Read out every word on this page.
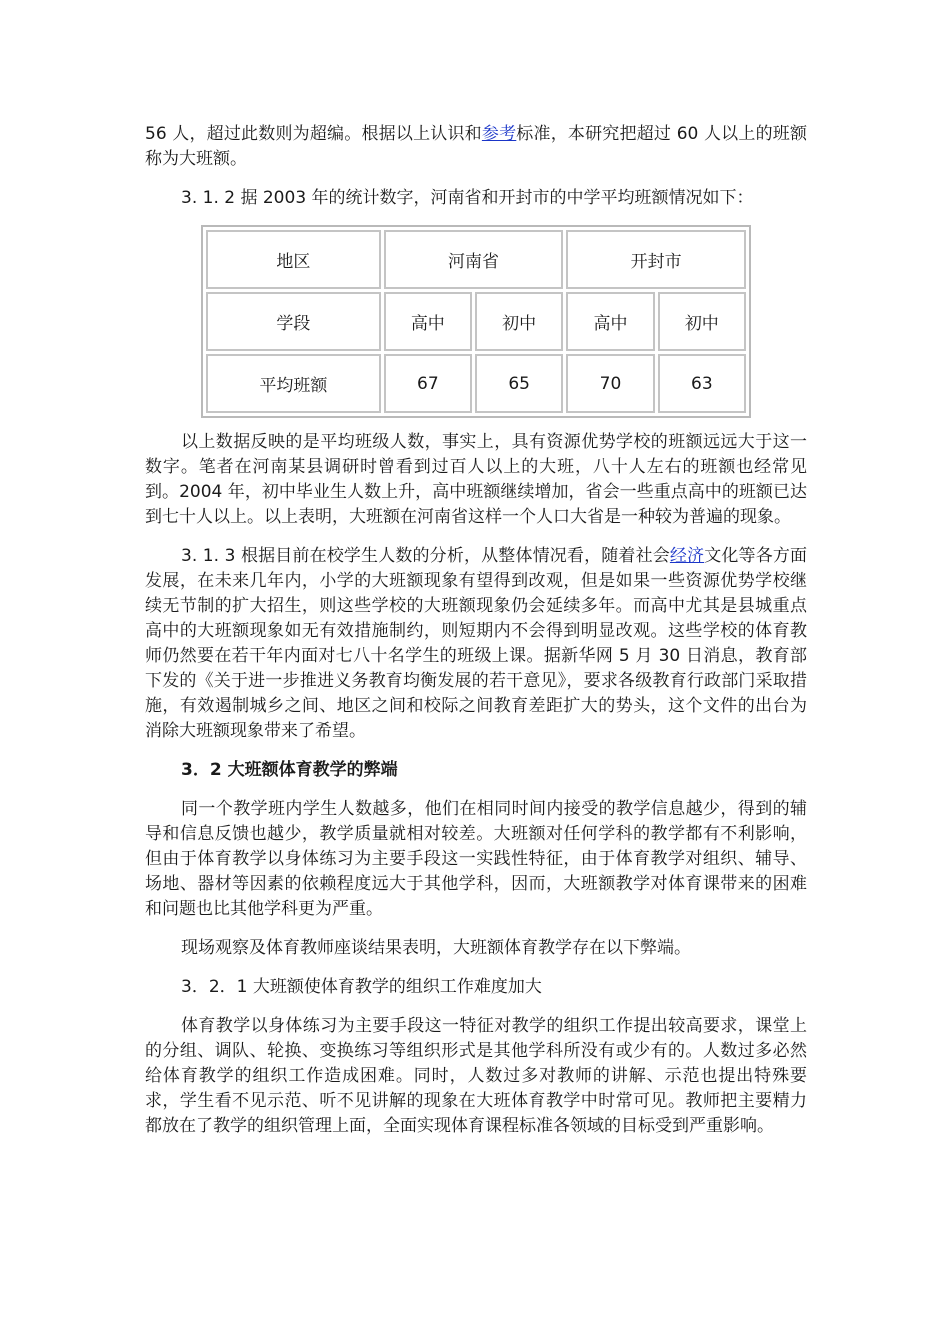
56 人，超过此数则为超编。根据以上认识和参考标准，本研究把超过 60 人以上的班额称为大班额。

3. 1. 2 据 2003 年的统计数字，河南省和开封市的中学平均班额情况如下：

地区	河南省		开封市	
学段	高中	初中	高中	初中
平均班额	67	65	70	63

以上数据反映的是平均班级人数，事实上，具有资源优势学校的班额远远大于这一数字。笔者在河南某县调研时曾看到过百人以上的大班，八十人左右的班额也经常见到。2004 年，初中毕业生人数上升，高中班额继续增加，省会一些重点高中的班额已达到七十人以上。以上表明，大班额在河南省这样一个人口大省是一种较为普遍的现象。

3. 1. 3 根据目前在校学生人数的分析，从整体情况看，随着社会经济文化等各方面发展，在未来几年内，小学的大班额现象有望得到改观，但是如果一些资源优势学校继续无节制的扩大招生，则这些学校的大班额现象仍会延续多年。而高中尤其是县城重点高中的大班额现象如无有效措施制约，则短期内不会得到明显改观。这些学校的体育教师仍然要在若干年内面对七八十名学生的班级上课。据新华网 5 月 30 日消息，教育部下发的《关于进一步推进义务教育均衡发展的若干意见》，要求各级教育行政部门采取措施，有效遏制城乡之间、地区之间和校际之间教育差距扩大的势头，这个文件的出台为消除大班额现象带来了希望。

3．2 大班额体育教学的弊端

同一个教学班内学生人数越多，他们在相同时间内接受的教学信息越少，得到的辅导和信息反馈也越少，教学质量就相对较差。大班额对任何学科的教学都有不利影响，但由于体育教学以身体练习为主要手段这一实践性特征，由于体育教学对组织、辅导、场地、器材等因素的依赖程度远大于其他学科，因而，大班额教学对体育课带来的困难和问题也比其他学科更为严重。

现场观察及体育教师座谈结果表明，大班额体育教学存在以下弊端。

3．2．1 大班额使体育教学的组织工作难度加大

体育教学以身体练习为主要手段这一特征对教学的组织工作提出较高要求，课堂上的分组、调队、轮换、变换练习等组织形式是其他学科所没有或少有的。人数过多必然给体育教学的组织工作造成困难。同时，人数过多对教师的讲解、示范也提出特殊要求，学生看不见示范、听不见讲解的现象在大班体育教学中时常可见。教师把主要精力都放在了教学的组织管理上面，全面实现体育课程标准各领域的目标受到严重影响。
